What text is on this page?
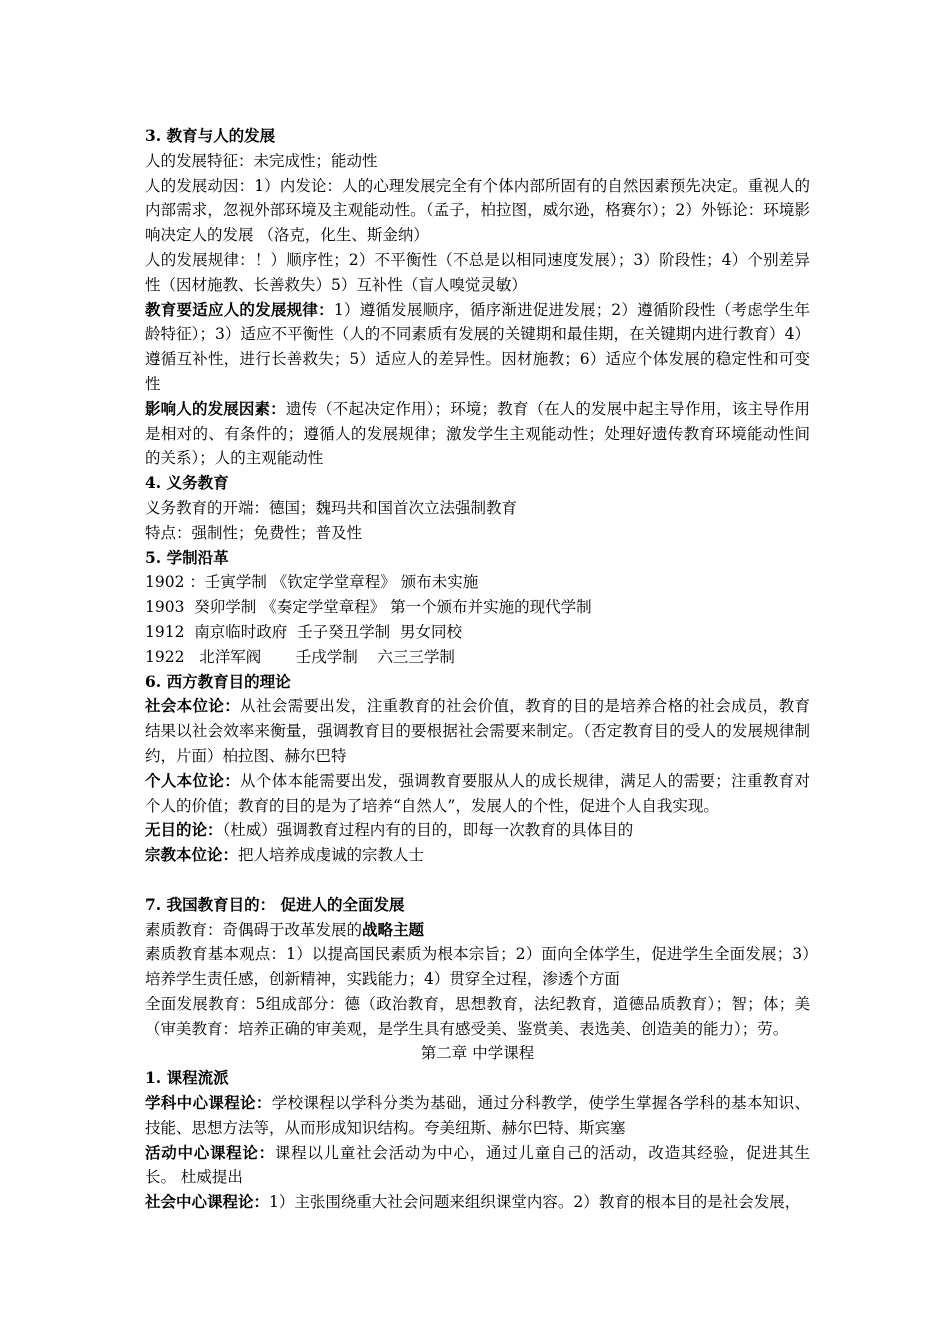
3. 教育与人的发展

人的发展特征：未完成性；能动性

人的发展动因：1）内发论：人的心理发展完全有个体内部所固有的自然因素预先决定。重视人的内部需求，忽视外部环境及主观能动性。（孟子，柏拉图，威尔逊，格赛尔）；2）外铄论：环境影响决定人的发展 （洛克，化生、斯金纳）

人的发展规律：！）顺序性；2）不平衡性（不总是以相同速度发展）；3）阶段性；4）个别差异性（因材施教、长善救失）5）互补性（盲人嗅觉灵敏）

教育要适应人的发展规律：1）遵循发展顺序，循序渐进促进发展；2）遵循阶段性（考虑学生年龄特征）；3）适应不平衡性（人的不同素质有发展的关键期和最佳期，在关键期内进行教育）4）遵循互补性，进行长善救失；5）适应人的差异性。因材施教；6）适应个体发展的稳定性和可变性

影响人的发展因素：遗传（不起决定作用）；环境；教育（在人的发展中起主导作用，该主导作用是相对的、有条件的；遵循人的发展规律；激发学生主观能动性；处理好遗传教育环境能动性间的关系）；人的主观能动性

4. 义务教育

义务教育的开端：德国；魏玛共和国首次立法强制教育

特点：强制性；免费性；普及性

5. 学制沿革

1902 ：壬寅学制 《钦定学堂章程》 颁布未实施

1903  癸卯学制 《奏定学堂章程》 第一个颁布并实施的现代学制

1912  南京临时政府  壬子癸丑学制  男女同校

1922   北洋军阀       壬戌学制    六三三学制

6. 西方教育目的理论

社会本位论：从社会需要出发，注重教育的社会价值，教育的目的是培养合格的社会成员，教育结果以社会效率来衡量，强调教育目的要根据社会需要来制定。（否定教育目的受人的发展规律制约，片面）柏拉图、赫尔巴特

个人本位论：从个体本能需要出发，强调教育要服从人的成长规律，满足人的需要；注重教育对个人的价值；教育的目的是为了培养“自然人”，发展人的个性，促进个人自我实现。

无目的论：（杜威）强调教育过程内有的目的，即每一次教育的具体目的

宗教本位论：把人培养成虔诚的宗教人士

7. 我国教育目的： 促进人的全面发展

素质教育：奇偶碍于改革发展的战略主题

素质教育基本观点：1）以提高国民素质为根本宗旨；2）面向全体学生，促进学生全面发展；3）培养学生责任感，创新精神，实践能力；4）贯穿全过程，渗透个方面

全面发展教育：5组成部分：德（政治教育，思想教育，法纪教育，道德品质教育）；智；体；美（审美教育：培养正确的审美观，是学生具有感受美、鉴赏美、表选美、创造美的能力）；劳。

第二章 中学课程

1. 课程流派

学科中心课程论：学校课程以学科分类为基础，通过分科教学，使学生掌握各学科的基本知识、技能、思想方法等，从而形成知识结构。夸美纽斯、赫尔巴特、斯宾塞

活动中心课程论：课程以儿童社会活动为中心，通过儿童自己的活动，改造其经验，促进其生长。 杜威提出

社会中心课程论：1）主张围绕重大社会问题来组织课堂内容。2）教育的根本目的是社会发展，
